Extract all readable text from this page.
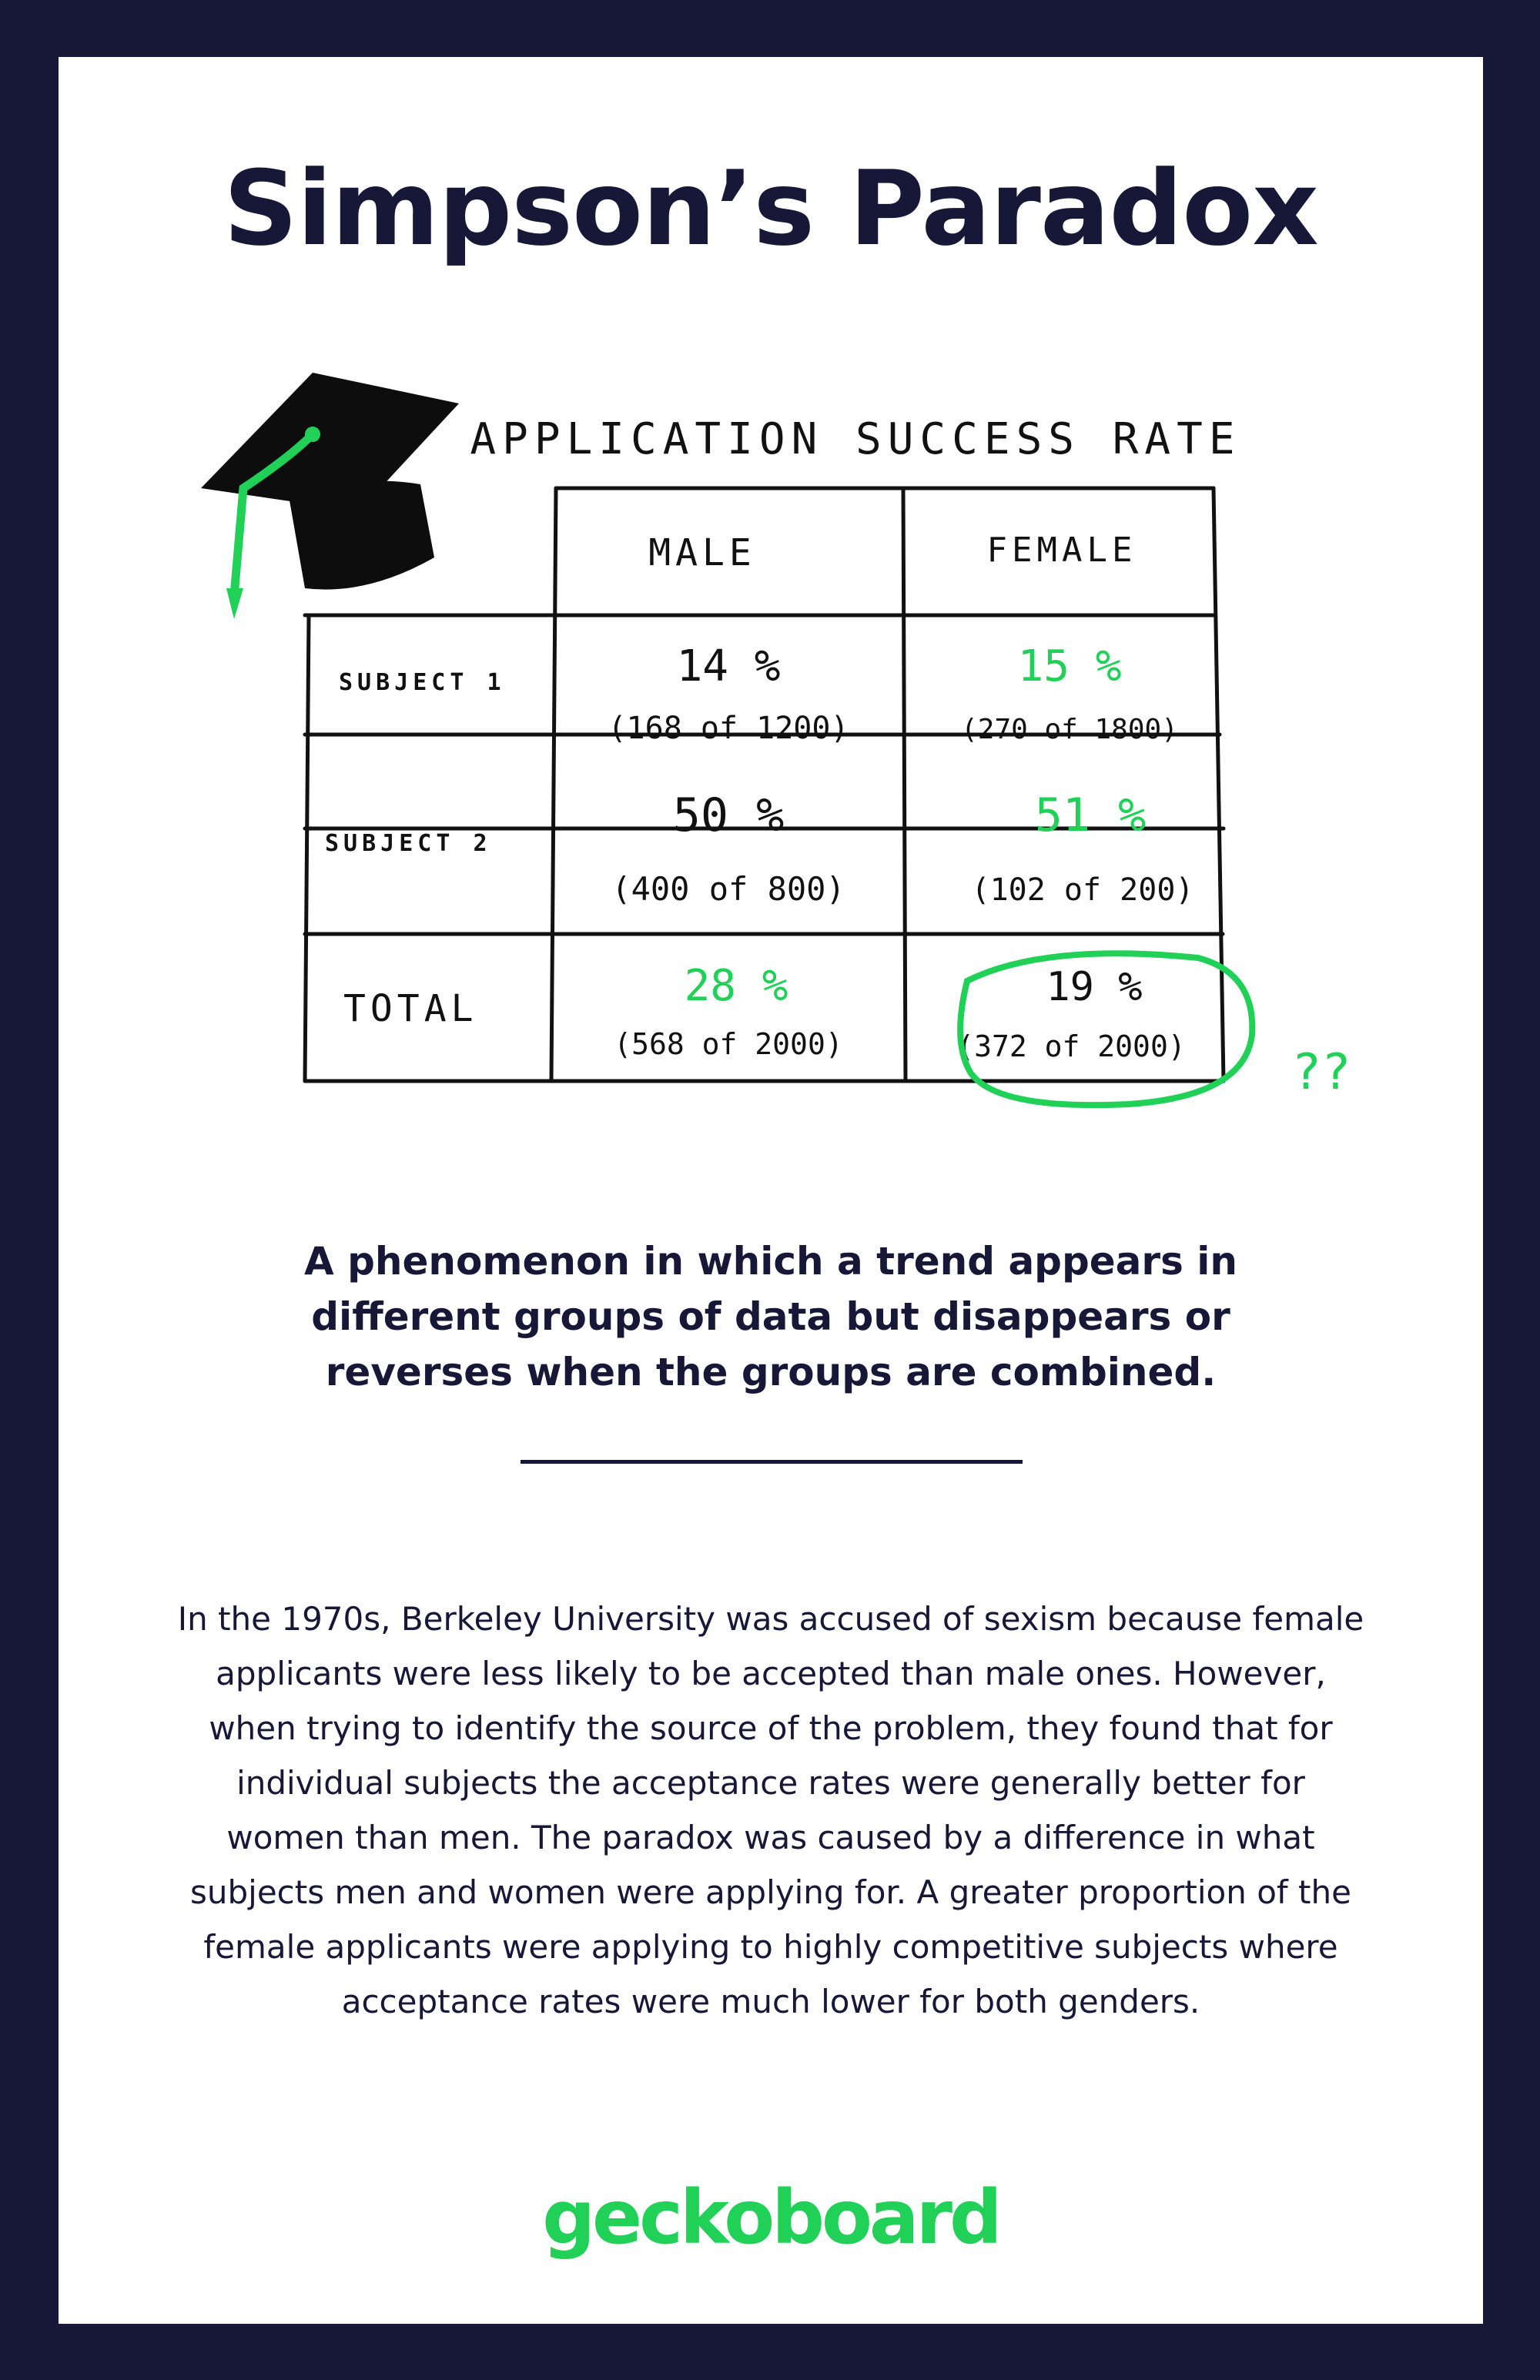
Simpson’s Paradox
APPLICATION SUCCESS RATE
MALE	FEMALE
SUBJECT 1
SUBJECT 2
TOTAL
14 %
(168 of 1200)
15 %
(270 of 1800)
50 %
(400 of 800)
51 %
(102 of 200)
28 %
(568 of 2000)
19 %
(372 of 2000) ??
A phenomenon in which a trend appears in different groups of data but disappears or reverses when the groups are combined.
In the 1970s, Berkeley University was accused of sexism because female applicants were less likely to be accepted than male ones. However, when trying to identify the source of the problem, they found that for individual subjects the acceptance rates were generally better for women than men. The paradox was caused by a difference in what subjects men and women were applying for. A greater proportion of the female applicants were applying to highly competitive subjects where acceptance rates were much lower for both genders.
geckoboard
